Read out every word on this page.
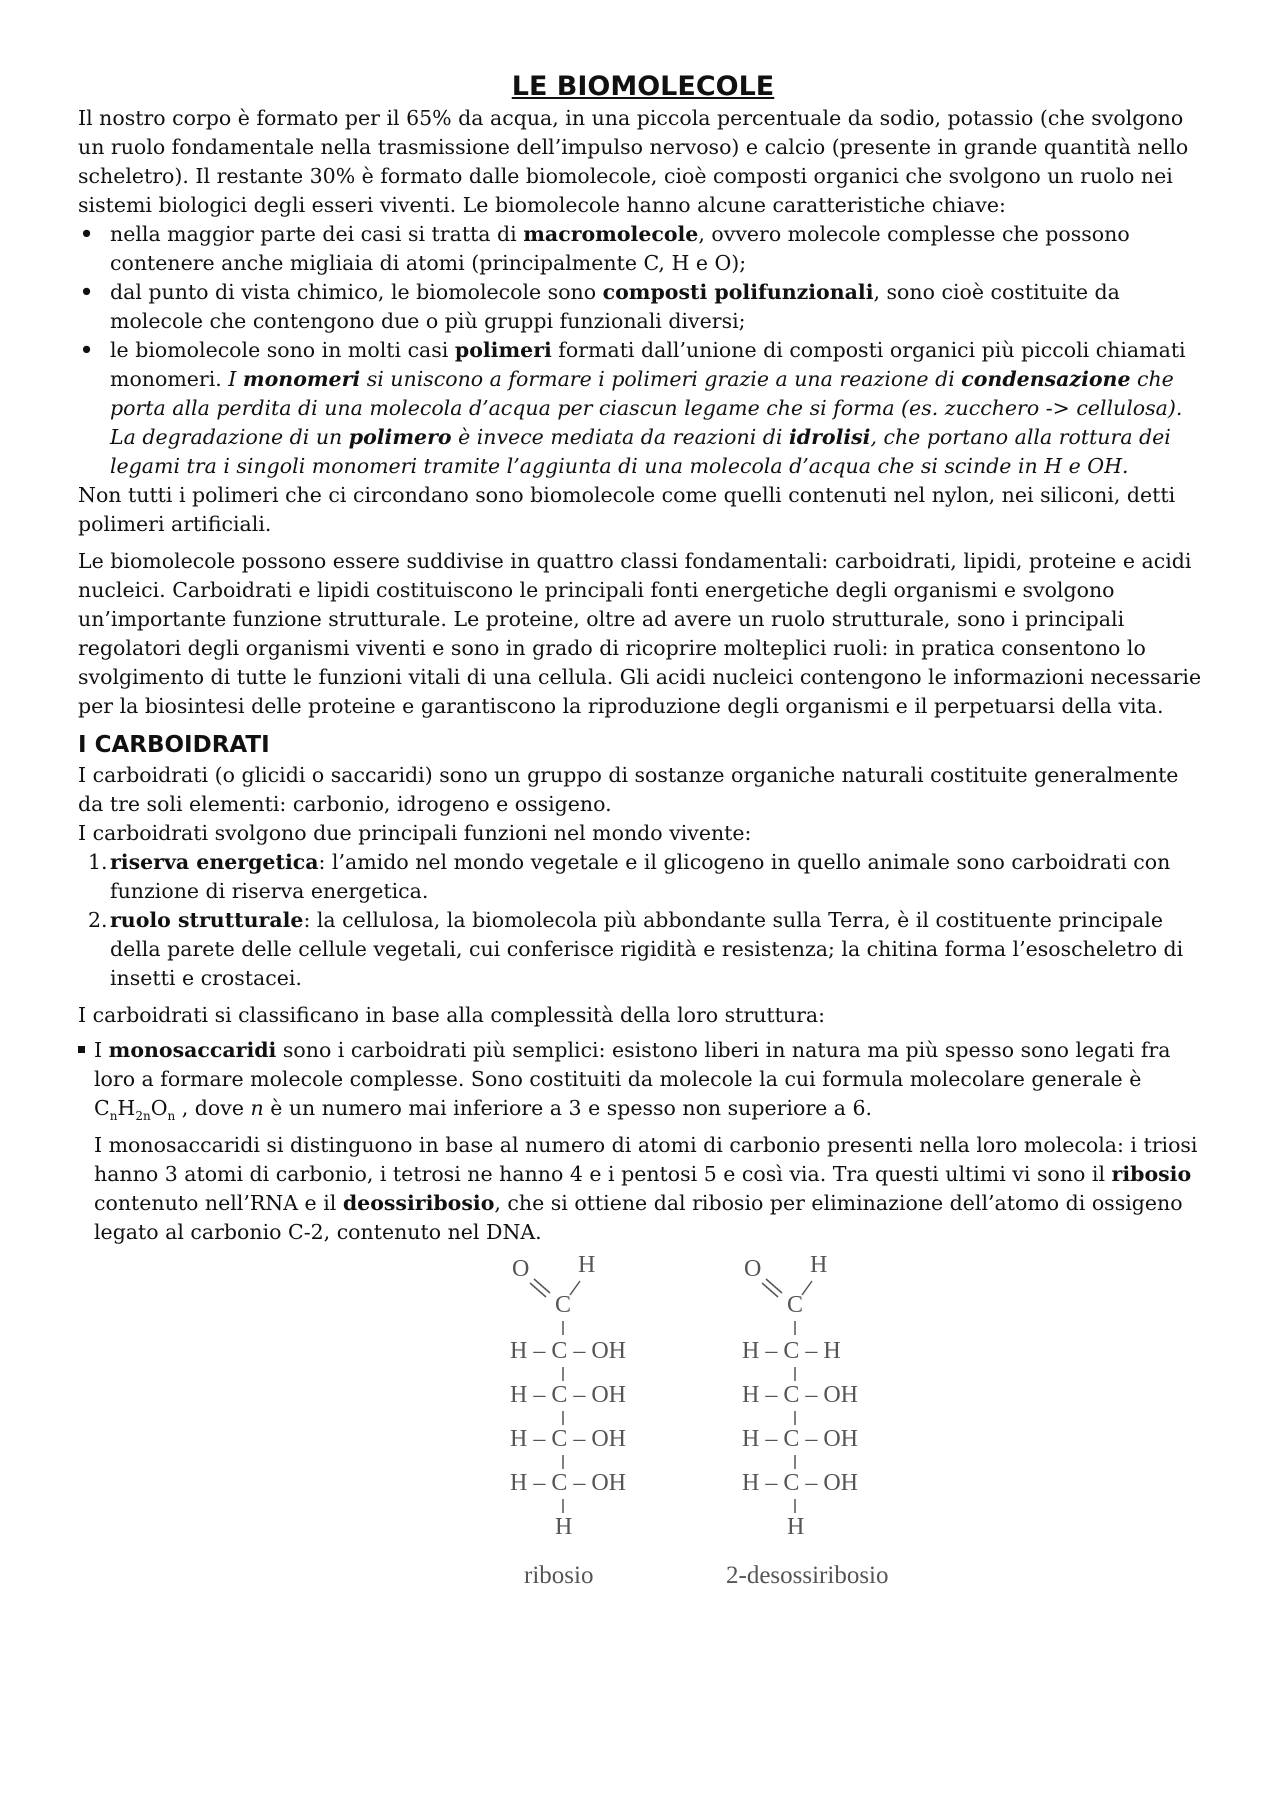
LE BIOMOLECOLE

Il nostro corpo è formato per il 65% da acqua, in una piccola percentuale da sodio, potassio (che svolgono un ruolo fondamentale nella trasmissione dell’impulso nervoso) e calcio (presente in grande quantità nello scheletro). Il restante 30% è formato dalle biomolecole, cioè composti organici che svolgono un ruolo nei sistemi biologici degli esseri viventi. Le biomolecole hanno alcune caratteristiche chiave:

• nella maggior parte dei casi si tratta di macromolecole, ovvero molecole complesse che possono contenere anche migliaia di atomi (principalmente C, H e O);
• dal punto di vista chimico, le biomolecole sono composti polifunzionali, sono cioè costituite da molecole che contengono due o più gruppi funzionali diversi;
• le biomolecole sono in molti casi polimeri formati dall’unione di composti organici più piccoli chiamati monomeri. I monomeri si uniscono a formare i polimeri grazie a una reazione di condensazione che porta alla perdita di una molecola d’acqua per ciascun legame che si forma (es. zucchero -> cellulosa). La degradazione di un polimero è invece mediata da reazioni di idrolisi, che portano alla rottura dei legami tra i singoli monomeri tramite l’aggiunta di una molecola d’acqua che si scinde in H e OH.

Non tutti i polimeri che ci circondano sono biomolecole come quelli contenuti nel nylon, nei siliconi, detti polimeri artificiali.

Le biomolecole possono essere suddivise in quattro classi fondamentali: carboidrati, lipidi, proteine e acidi nucleici. Carboidrati e lipidi costituiscono le principali fonti energetiche degli organismi e svolgono un’importante funzione strutturale. Le proteine, oltre ad avere un ruolo strutturale, sono i principali regolatori degli organismi viventi e sono in grado di ricoprire molteplici ruoli: in pratica consentono lo svolgimento di tutte le funzioni vitali di una cellula. Gli acidi nucleici contengono le informazioni necessarie per la biosintesi delle proteine e garantiscono la riproduzione degli organismi e il perpetuarsi della vita.

I CARBOIDRATI

I carboidrati (o glicidi o saccaridi) sono un gruppo di sostanze organiche naturali costituite generalmente da tre soli elementi: carbonio, idrogeno e ossigeno.

I carboidrati svolgono due principali funzioni nel mondo vivente:

1. riserva energetica: l’amido nel mondo vegetale e il glicogeno in quello animale sono carboidrati con funzione di riserva energetica.
2. ruolo strutturale: la cellulosa, la biomolecola più abbondante sulla Terra, è il costituente principale della parete delle cellule vegetali, cui conferisce rigidità e resistenza; la chitina forma l’esoscheletro di insetti e crostacei.

I carboidrati si classificano in base alla complessità della loro struttura:

I monosaccaridi sono i carboidrati più semplici: esistono liberi in natura ma più spesso sono legati fra loro a formare molecole complesse. Sono costituiti da molecole la cui formula molecolare generale è $C_nH_{2n}O_n$ , dove n è un numero mai inferiore a 3 e spesso non superiore a 6.

I monosaccaridi si distinguono in base al numero di atomi di carbonio presenti nella loro molecola: i triosi hanno 3 atomi di carbonio, i tetrosi ne hanno 4 e i pentosi 5 e così via. Tra questi ultimi vi sono il ribosio contenuto nell’RNA e il deossiribosio, che si ottiene dal ribosio per eliminazione dell’atomo di ossigeno legato al carbonio C-2, contenuto nel DNA.

O H
C
H – C – OH
H – C – OH
H – C – OH
H – C – OH
H
ribosio
O H
C
H – C – H
H – C – OH
H – C – OH
H – C – OH
H
2-desossiribosio
